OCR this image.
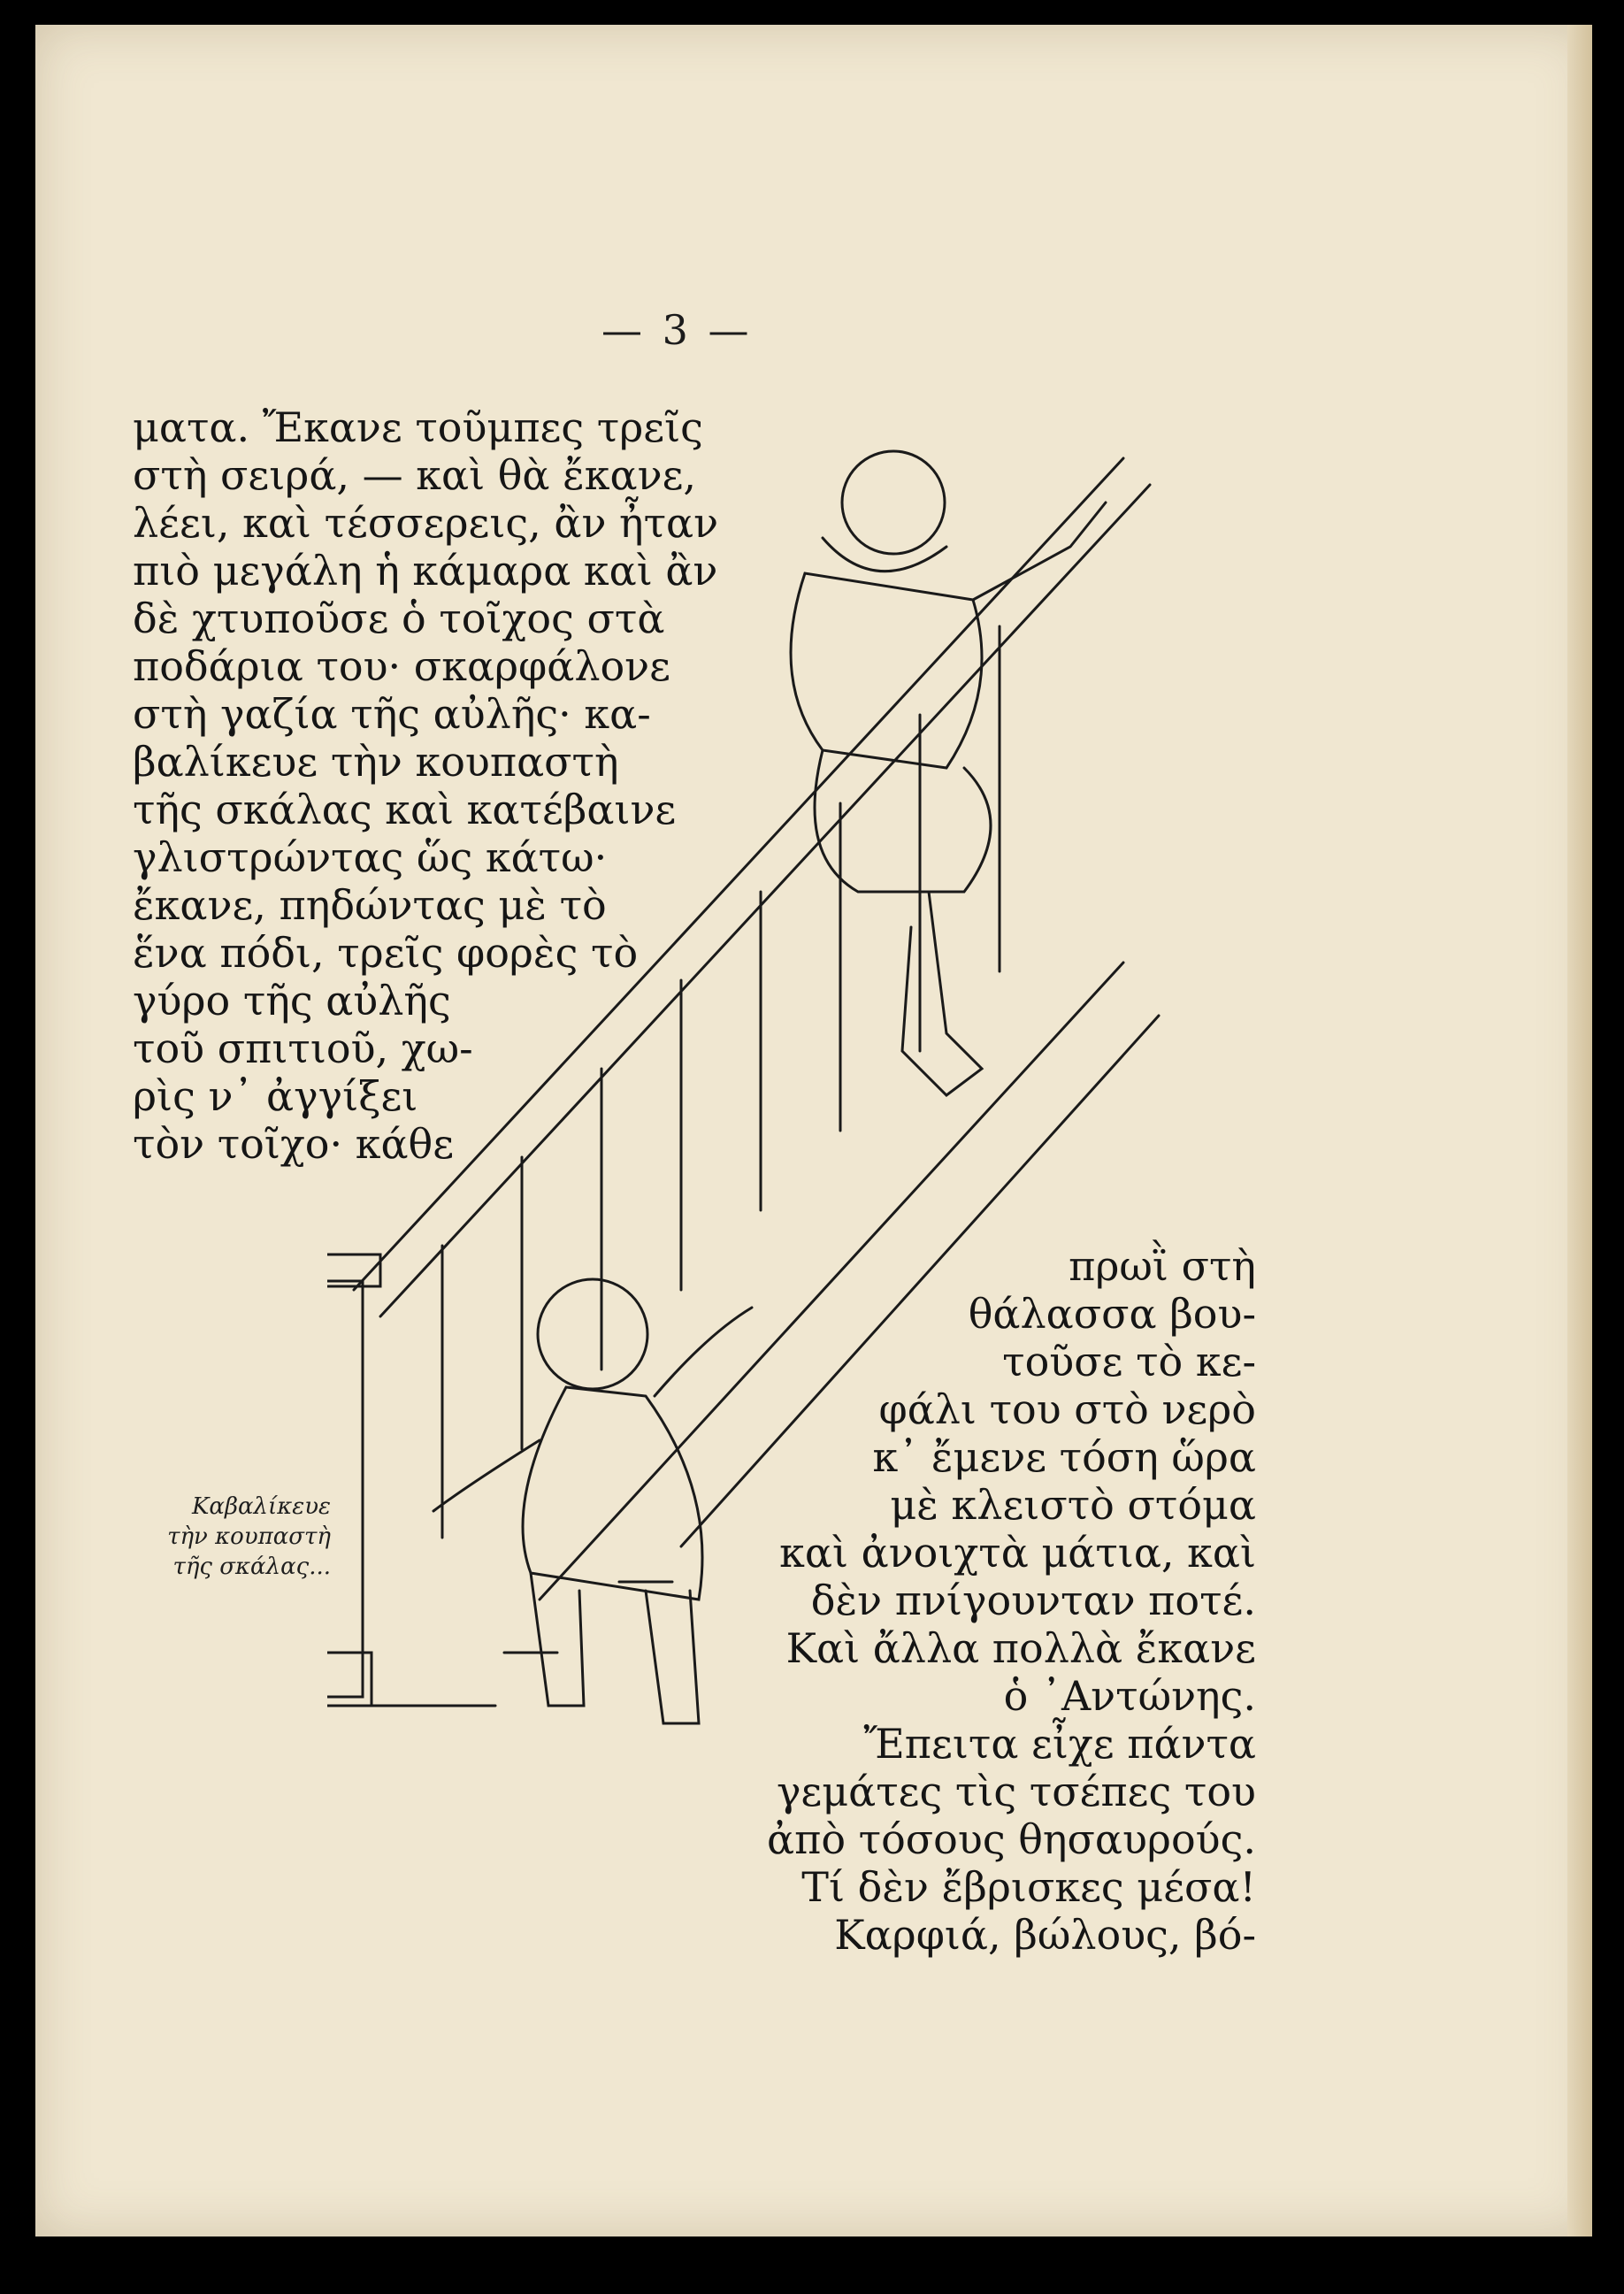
— 3 —
ματα. Ἔκανε τοῦμπες τρεῖς
στὴ σειρά, — καὶ θὰ ἔκανε,
λέει, καὶ τέσσερεις, ἂν ἦταν
πιὸ μεγάλη ἡ κάμαρα καὶ ἂν
δὲ χτυποῦσε ὁ τοῖχος στὰ
ποδάρια του· σκαρφάλονε
στὴ γαζία τῆς αὐλῆς· κα-
βαλίκευε τὴν κουπαστὴ
τῆς σκάλας καὶ κατέβαινε
γλιστρώντας ὥς κάτω·
ἔκανε, πηδώντας μὲ τὸ
ἕνα πόδι, τρεῖς φορὲς τὸ
γύρο τῆς αὐλῆς
τοῦ σπιτιοῦ, χω-
ρὶς ν᾿ ἀγγίξει
τὸν τοῖχο· κάθε
πρωῒ στὴ
θάλασσα βου-
τοῦσε τὸ κε-
φάλι του στὸ νερὸ
κ᾿ ἔμενε τόση ὥρα
μὲ κλειστὸ στόμα
καὶ ἀνοιχτὰ μάτια, καὶ
δὲν πνίγουνταν ποτέ.
Καὶ ἄλλα πολλὰ ἔκανε
ὁ ᾿Αντώνης.
Ἔπειτα εἶχε πάντα
γεμάτες τὶς τσέπες του
ἀπὸ τόσους θησαυρούς.
Τί δὲν ἔβρισκες μέσα!
Καρφιά, βώλους, βό-
Καβαλίκευε
τὴν κουπαστὴ
τῆς σκάλας...
